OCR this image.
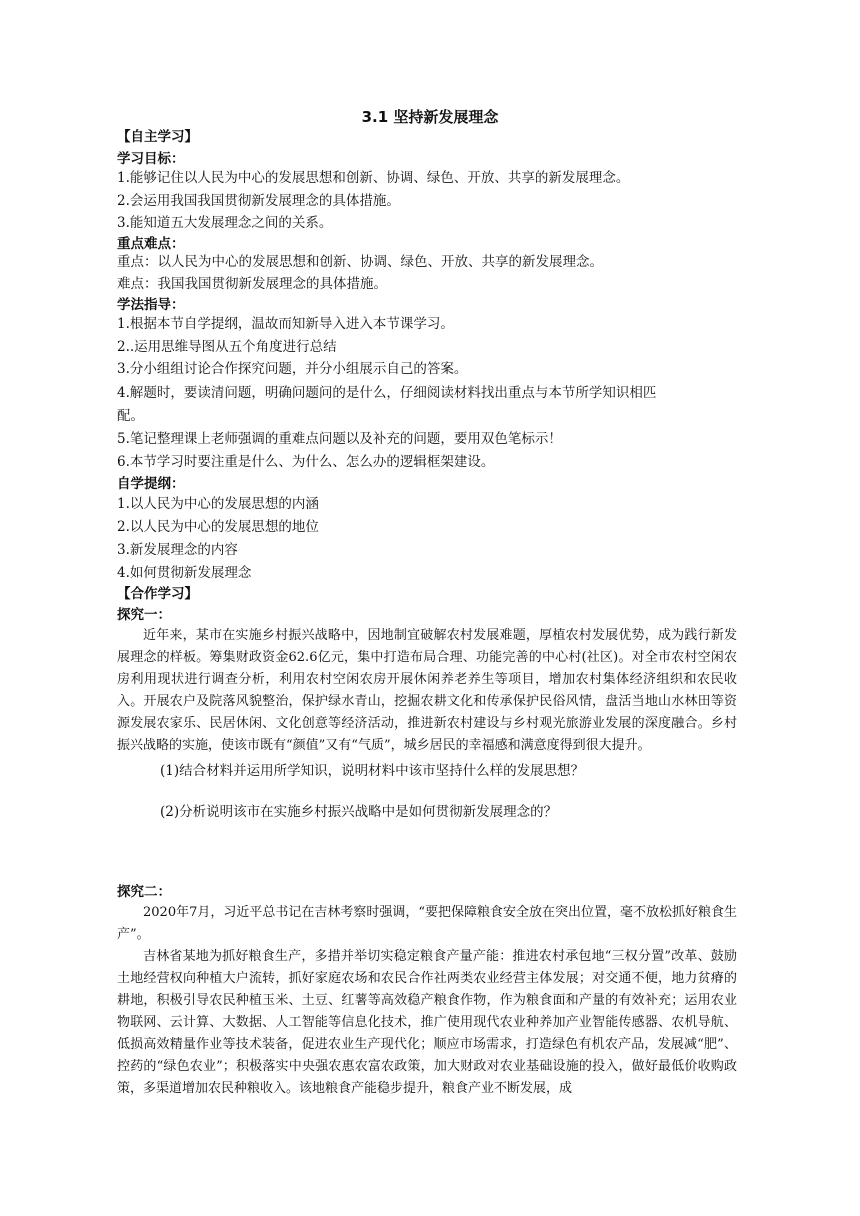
3.1 坚持新发展理念
【自主学习】
学习目标：
1.能够记住以人民为中心的发展思想和创新、协调、绿色、开放、共享的新发展理念。
2.会运用我国我国贯彻新发展理念的具体措施。
3.能知道五大发展理念之间的关系。
重点难点：
重点：以人民为中心的发展思想和创新、协调、绿色、开放、共享的新发展理念。
难点：我国我国贯彻新发展理念的具体措施。
学法指导：
1.根据本节自学提纲，温故而知新导入进入本节课学习。
2..运用思维导图从五个角度进行总结
3.分小组组讨论合作探究问题，并分小组展示自己的答案。
4.解题时，要读清问题，明确问题问的是什么，仔细阅读材料找出重点与本节所学知识相匹
配。
5.笔记整理课上老师强调的重难点问题以及补充的问题，要用双色笔标示！
6.本节学习时要注重是什么、为什么、怎么办的逻辑框架建设。
自学提纲：
1.以人民为中心的发展思想的内涵
2.以人民为中心的发展思想的地位
3.新发展理念的内容
4.如何贯彻新发展理念
【合作学习】
探究一：

近年来，某市在实施乡村振兴战略中，因地制宜破解农村发展难题，厚植农村发展优势，成为践行新发展理念的样板。筹集财政资金62.6亿元，集中打造布局合理、功能完善的中心村(社区)。对全市农村空闲农房利用现状进行调查分析，利用农村空闲农房开展休闲养老养生等项目，增加农村集体经济组织和农民收入。开展农户及院落风貌整治，保护绿水青山，挖掘农耕文化和传承保护民俗风情，盘活当地山水林田等资源发展农家乐、民居休闲、文化创意等经济活动，推进新农村建设与乡村观光旅游业发展的深度融合。乡村振兴战略的实施，使该市既有“颜值”又有“气质”，城乡居民的幸福感和满意度得到很大提升。

(1)结合材料并运用所学知识，说明材料中该市坚持什么样的发展思想？
(2)分析说明该市在实施乡村振兴战略中是如何贯彻新发展理念的？
探究二：

2020年7月，习近平总书记在吉林考察时强调，“要把保障粮食安全放在突出位置，毫不放松抓好粮食生产”。

吉林省某地为抓好粮食生产，多措并举切实稳定粮食产量产能：推进农村承包地“三权分置”改革、鼓励土地经营权向种植大户流转，抓好家庭农场和农民合作社两类农业经营主体发展；对交通不便，地力贫瘠的耕地，积极引导农民种植玉米、土豆、红薯等高效稳产粮食作物，作为粮食面和产量的有效补充；运用农业物联网、云计算、大数据、人工智能等信息化技术，推广使用现代农业种养加产业智能传感器、农机导航、低损高效精量作业等技术装备，促进农业生产现代化；顺应市场需求，打造绿色有机农产品，发展减“肥”、控药的“绿色农业”；积极落实中央强农惠农富农政策，加大财政对农业基础设施的投入，做好最低价收购政策，多渠道增加农民种粮收入。该地粮食产能稳步提升，粮食产业不断发展，成
